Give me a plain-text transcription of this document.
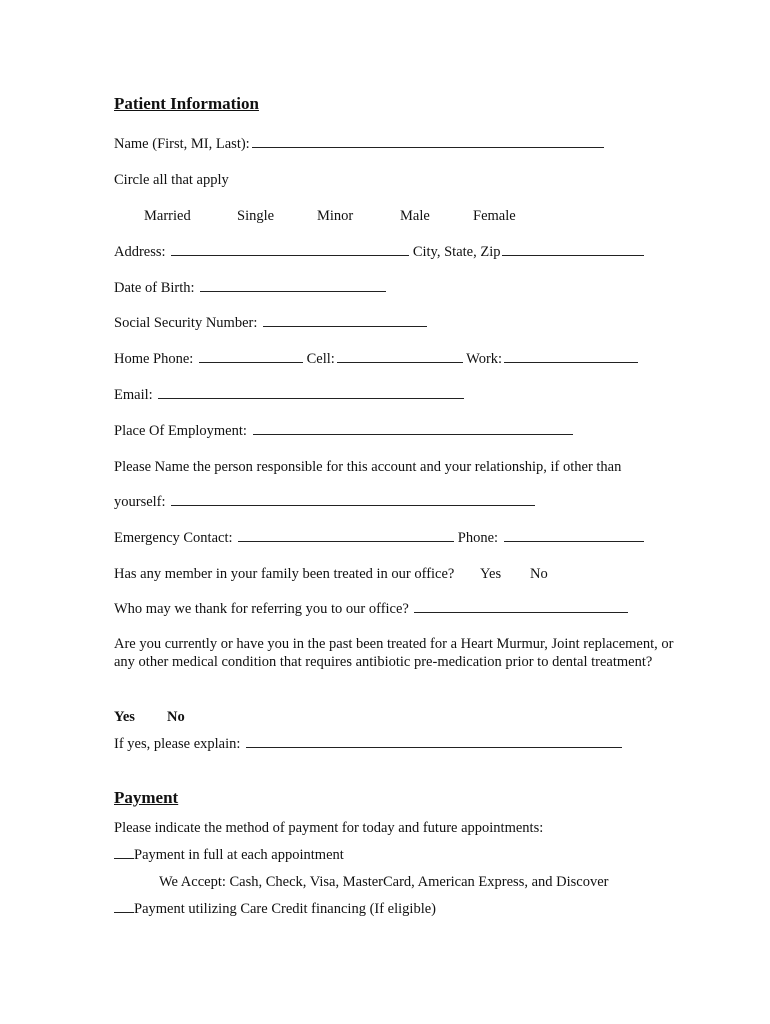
Patient Information
Name (First, MI, Last):
Circle all that apply
Married	Single	Minor	Male	Female
Address:	City, State, Zip
Date of Birth:
Social Security Number:
Home Phone:	Cell:	Work:
Email:
Place Of Employment:
Please Name the person responsible for this account and your relationship, if other than
yourself:
Emergency Contact:	Phone:
Has any member in your family been treated in our office? Yes No
Who may we thank for referring you to our office?
Are you currently or have you in the past been treated for a Heart Murmur, Joint replacement, or any other medical condition that requires antibiotic pre-medication prior to dental treatment?
Yes No
If yes, please explain:
Payment
Please indicate the method of payment for today and future appointments:
Payment in full at each appointment
We Accept: Cash, Check, Visa, MasterCard, American Express, and Discover
Payment utilizing Care Credit financing (If eligible)
